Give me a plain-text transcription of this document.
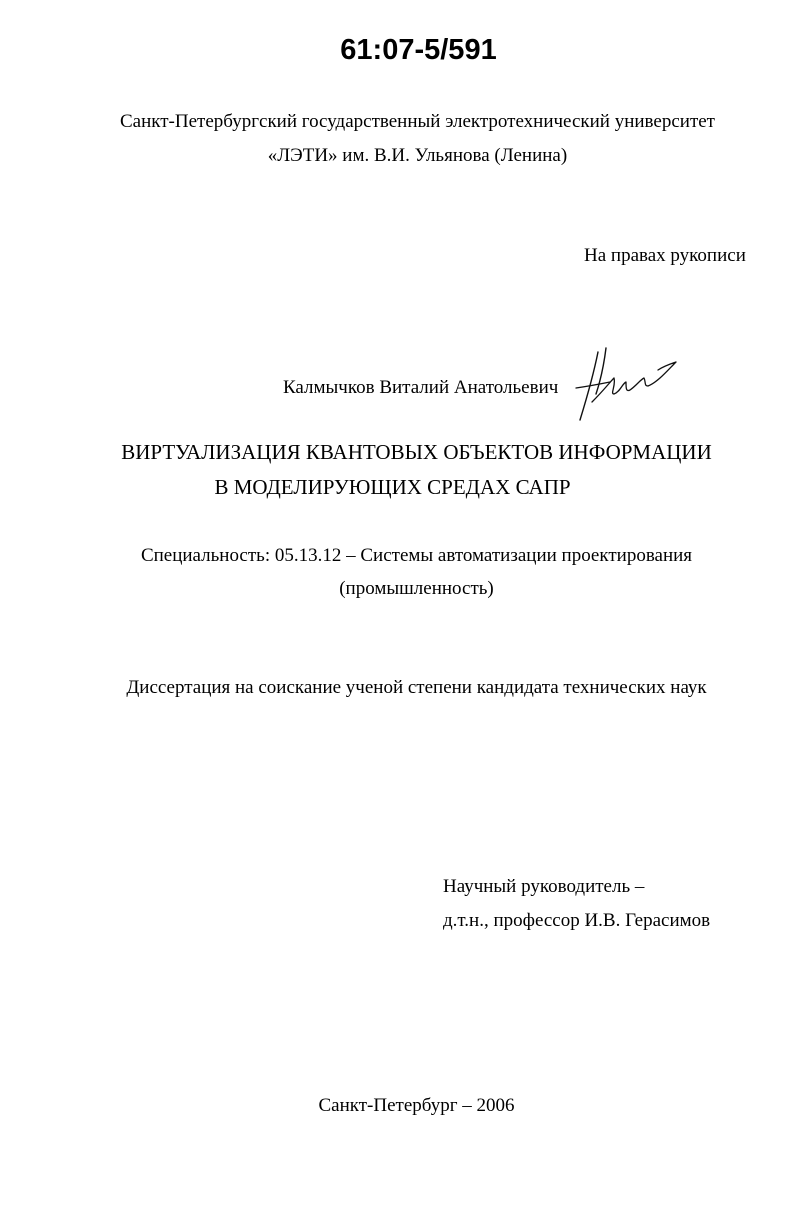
61:07-5/591
Санкт-Петербургский государственный электротехнический университет
«ЛЭТИ» им. В.И. Ульянова (Ленина)
На правах рукописи
Калмычков Виталий Анатольевич
ВИРТУАЛИЗАЦИЯ КВАНТОВЫХ ОБЪЕКТОВ ИНФОРМАЦИИ
В МОДЕЛИРУЮЩИХ СРЕДАХ САПР
Специальность: 05.13.12 – Системы автоматизации проектирования
(промышленность)
Диссертация на соискание ученой степени кандидата технических наук
Научный руководитель –
д.т.н., профессор И.В. Герасимов
Санкт-Петербург – 2006
